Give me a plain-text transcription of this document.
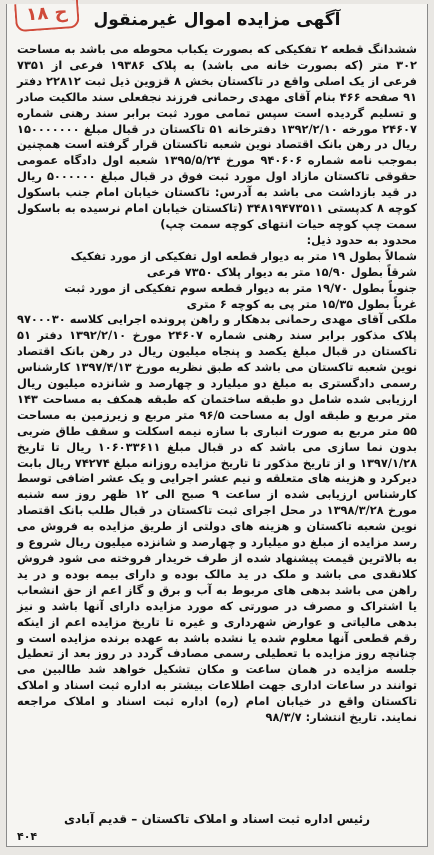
۱۸ ح	آگهی مزایده اموال غیرمنقول

ششدانگ قطعه ۲ تفکیکی که بصورت یکباب محوطه می باشد به مساحت ۳۰۲ متر (که بصورت خانه می باشد) به پلاک ۱۹۳۸۶ فرعی از ۷۳۵۱ فرعی از یک اصلی واقع در تاکستان بخش ۸ قزوین ذیل ثبت ۲۲۸۱۲ دفتر ۹۱ صفحه ۴۶۶ بنام آقای مهدی رحمانی فرزند نجفعلی سند مالکیت صادر و تسلیم گردیده است سپس تمامی مورد ثبت برابر سند رهنی شماره ۲۴۶۰۷ مورخه ۱۳۹۲/۲/۱۰ دفترخانه ۵۱ تاکستان در قبال مبلغ ۱۵۰۰۰۰۰۰۰ ریال در رهن بانک اقتصاد نوین شعبه تاکستان قرار گرفته است همچنین بموجب نامه شماره ۹۴۰۶۰۶ مورخ ۱۳۹۵/۵/۲۴ شعبه اول دادگاه عمومی حقوقی تاکستان مازاد اول مورد ثبت فوق در قبال مبلغ ۵۰۰۰۰۰۰ ریال در قید بازداشت می باشد به آدرس: تاکستان خیابان امام جنب باسکول کوچه ۸ کدپستی ۳۴۸۱۹۴۷۳۵۱۱ (تاکستان خیابان امام نرسیده به باسکول سمت چپ کوچه حیات انتهای کوچه سمت چپ)

محدود به حدود ذیل:

شمالاً بطول ۱۹ متر به دیوار قطعه اول تفکیکی از مورد تفکیک

شرقاً بطول ۱۵/۹۰ متر به دیوار پلاک ۷۳۵۰ فرعی

جنوباً بطول ۱۹/۷۰ متر به دیوار قطعه سوم تفکیکی از مورد ثبت

غرباً بطول ۱۵/۳۵ متر پی به کوچه ۶ متری

ملکی آقای مهدی رحمانی بدهکار و راهن پرونده اجرایی کلاسه ۹۷۰۰۰۳۰ پلاک مذکور برابر سند رهنی شماره ۲۴۶۰۷ مورخ ۱۳۹۲/۲/۱۰ دفتر ۵۱ تاکستان در قبال مبلغ یکصد و پنجاه میلیون ریال در رهن بانک اقتصاد نوین شعبه تاکستان می باشد که طبق نظریه مورخ ۱۳۹۷/۴/۱۳ کارشناس رسمی دادگستری به مبلغ دو میلیارد و چهارصد و شانزده میلیون ریال ارزیابی شده شامل دو طبقه ساختمان که طبقه همکف به مساحت ۱۴۳ متر مربع و طبقه اول به مساحت ۹۶/۵ متر مربع و زیرزمین به مساحت ۵۵ متر مربع به صورت انباری با سازه نیمه اسکلت و سقف طاق ضربی بدون نما سازی می باشد که در قبال مبلغ ۱۰۶۰۳۳۶۱۱ ریال تا تاریخ ۱۳۹۷/۱/۲۸ و از تاریخ مذکور تا تاریخ مزایده روزانه مبلغ ۷۴۲۷۴ ریال بابت دیرکرد و هزینه های متعلقه و نیم عشر اجرایی و یک عشر اضافی توسط کارشناس ارزیابی شده از ساعت ۹ صبح الی ۱۲ ظهر روز سه شنبه مورخ ۱۳۹۸/۳/۲۸ در محل اجرای ثبت تاکستان در قبال طلب بانک اقتصاد نوین شعبه تاکستان و هزینه های دولتی از طریق مزایده به فروش می رسد مزایده از مبلغ دو میلیارد و چهارصد و شانزده میلیون ریال شروع و به بالاترین قیمت پیشنهاد شده از طرف خریدار فروخته می شود فروش کلانقدی می باشد و ملک در ید مالک بوده و دارای بیمه بوده و در ید راهن می باشد بدهی های مربوط به آب و برق و گاز اعم از حق انشعاب یا اشتراک و مصرف در صورتی که مورد مزایده دارای آنها باشد و نیز بدهی مالیاتی و عوارض شهرداری و غیره تا تاریخ مزایده اعم از اینکه رقم قطعی آنها معلوم شده یا نشده باشد به عهده برنده مزایده است و چنانچه روز مزایده با تعطیلی رسمی مصادف گردد در روز بعد از تعطیل جلسه مزایده در همان ساعت و مکان تشکیل خواهد شد طالبین می توانند در ساعات اداری جهت اطلاعات بیشتر به اداره ثبت اسناد و املاک تاکستان واقع در خیابان امام (ره) اداره ثبت اسناد و املاک مراجعه نمایند. تاریخ انتشار: ۹۸/۳/۷

رئیس اداره ثبت اسناد و املاک تاکستان – قدیم آبادی
۴۰۴
